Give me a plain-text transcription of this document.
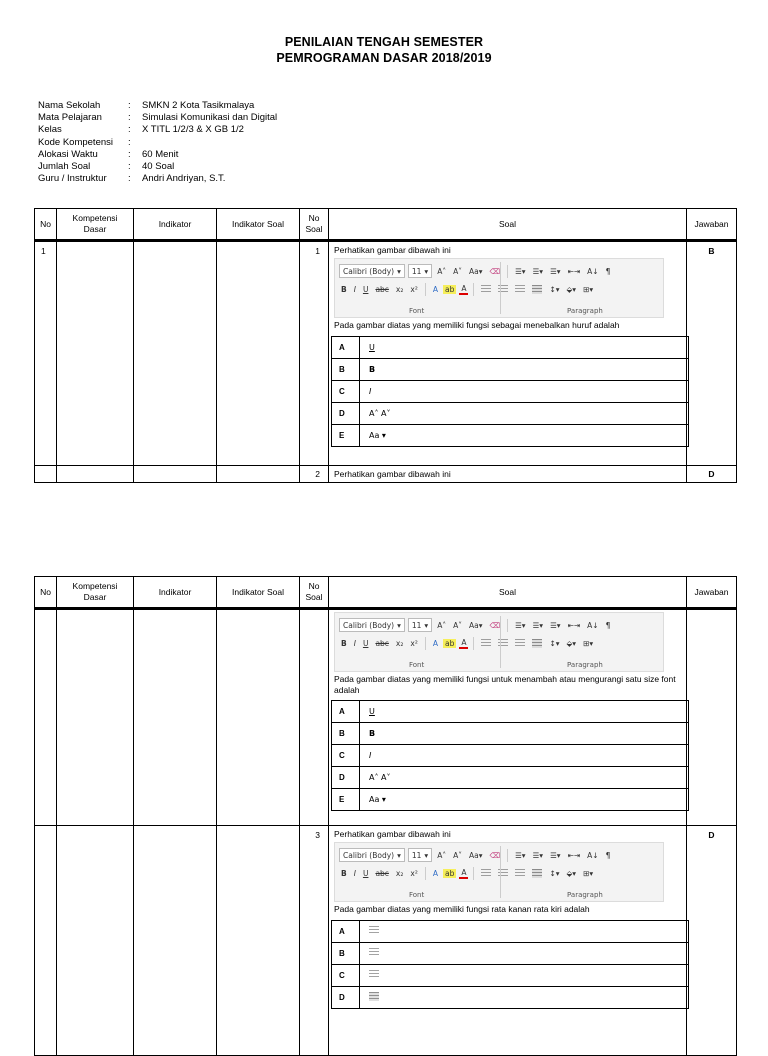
PENILAIAN TENGAH SEMESTER
PEMROGRAMAN DASAR 2018/2019
Nama Sekolah	:	SMKN 2 Kota Tasikmalaya
Mata Pelajaran	:	Simulasi Komunikasi dan Digital
Kelas	:	X TITL 1/2/3 & X GB 1/2
Kode Kompetensi	:
Alokasi Waktu	:	60 Menit
Jumlah Soal	:	40 Soal
Guru / Instruktur	:	Andri Andriyan, S.T.
No	Kompetensi
Dasar	Indikator	Indikator Soal	No
Soal	Soal	Jawaban
1				1	Perhatikan gambar dibawah ini
Calibri (Body) ▾ 11 ▾ A˄ A˅ Aa ▾ ⌫ ☰▾ ☰▾ ☰▾ ⇤⇥ A↓ ¶
B I U abc x₂ x² A ab A	↕▾ ⬙▾ ⊞▾
Font	Paragraph
Pada gambar diatas yang memiliki fungsi sebagai menebalkan huruf adalah
A	U
B	B
C	I
D	A˄ A˅
E	Aa ▾
	B
				2	Perhatikan gambar dibawah ini	D
No	Kompetensi
Dasar	Indikator	Indikator Soal	No
Soal	Soal	Jawaban

Calibri (Body) ▾ 11 ▾ A˄ A˅ Aa ▾ ⌫ ☰▾ ☰▾ ☰▾ ⇤⇥ A↓ ¶
B I U abc x₂ x² A ab A	↕▾ ⬙▾ ⊞▾
Font	Paragraph
Pada gambar diatas yang memiliki fungsi untuk menambah atau mengurangi satu size font adalah
A	U
B	B
C	I
D	A˄ A˅
E	Aa ▾

				3	Perhatikan gambar dibawah ini
Calibri (Body) ▾ 11 ▾ A˄ A˅ Aa ▾ ⌫ ☰▾ ☰▾ ☰▾ ⇤⇥ A↓ ¶
B I U abc x₂ x² A ab A	↕▾ ⬙▾ ⊞▾
Font	Paragraph
Pada gambar diatas yang memiliki fungsi rata kanan rata kiri adalah
A	
B	
C	
D	
	D
